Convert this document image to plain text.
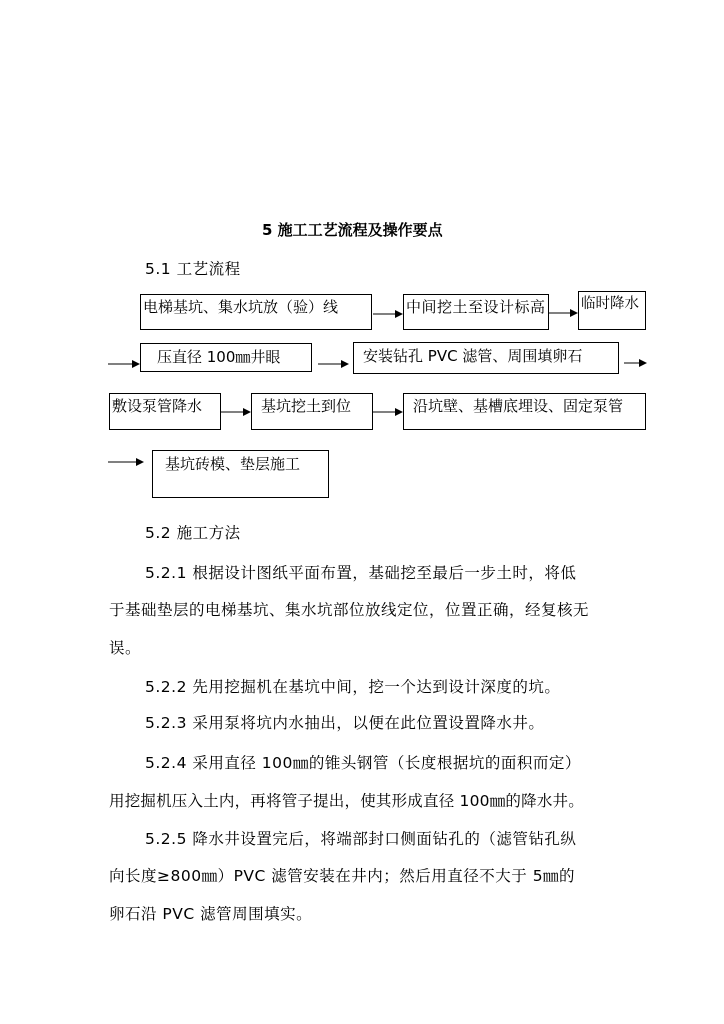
5 施工工艺流程及操作要点
5.1 工艺流程
电梯基坑、集水坑放（验）线	中间挖土至设计标高 临时降水
压直径 100㎜井眼	安装钻孔 PVC 滤管、周围填卵石
敷设泵管降水	基坑挖土到位	沿坑壁、基槽底埋设、固定泵管
基坑砖模、垫层施工
5.2 施工方法
5.2.1 根据设计图纸平面布置，基础挖至最后一步土时，将低
于基础垫层的电梯基坑、集水坑部位放线定位，位置正确，经复核无
误。
5.2.2 先用挖掘机在基坑中间，挖一个达到设计深度的坑。
5.2.3 采用泵将坑内水抽出，以便在此位置设置降水井。
5.2.4 采用直径 100㎜的锥头钢管（长度根据坑的面积而定）
用挖掘机压入土内，再将管子提出，使其形成直径 100㎜的降水井。
5.2.5 降水井设置完后，将端部封口侧面钻孔的（滤管钻孔纵
向长度≥800㎜）PVC 滤管安装在井内；然后用直径不大于 5㎜的
卵石沿 PVC 滤管周围填实。
